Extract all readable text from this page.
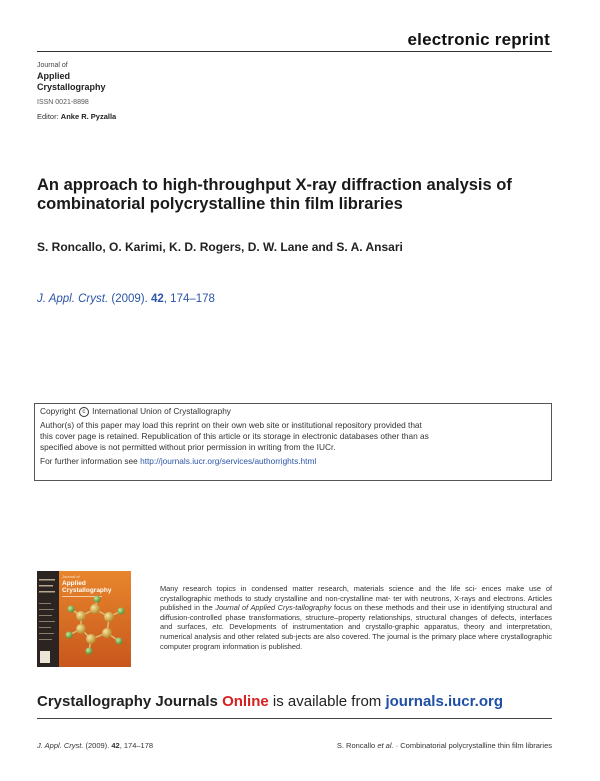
electronic reprint
Journal of
Applied
Crystallography
ISSN 0021-8898
Editor: Anke R. Pyzalla
An approach to high-throughput X-ray diffraction analysis of
combinatorial polycrystalline thin film libraries
S. Roncallo, O. Karimi, K. D. Rogers, D. W. Lane and S. A. Ansari
J. Appl. Cryst. (2009). 42, 174–178

Copyright c International Union of Crystallography

Author(s) of this paper may load this reprint on their own web site or institutional repository provided that
this cover page is retained. Republication of this article or its storage in electronic databases other than as
specified above is not permitted without prior permission in writing from the IUCr.

For further information see http://journals.iucr.org/services/authorrights.html

Journal of
Applied
Crystallography	Many research topics in condensed matter research, materials science and the life sci- ences make use of crystallographic methods to study crystalline and non-crystalline mat- ter with neutrons, X-rays and electrons. Articles published in the Journal of Applied Crys-tallography focus on these methods and their use in identifying structural and diffusion-controlled phase transformations, structure–property relationships, structural changes of defects, interfaces and surfaces, etc. Developments of instrumentation and crystallo-graphic apparatus, theory and interpretation, numerical analysis and other related sub-jects are also covered. The journal is the primary place where crystallographic computer program information is published.
Crystallography Journals Online is available from journals.iucr.org
J. Appl. Cryst. (2009). 42, 174–178	S. Roncallo et al. · Combinatorial polycrystalline thin film libraries
